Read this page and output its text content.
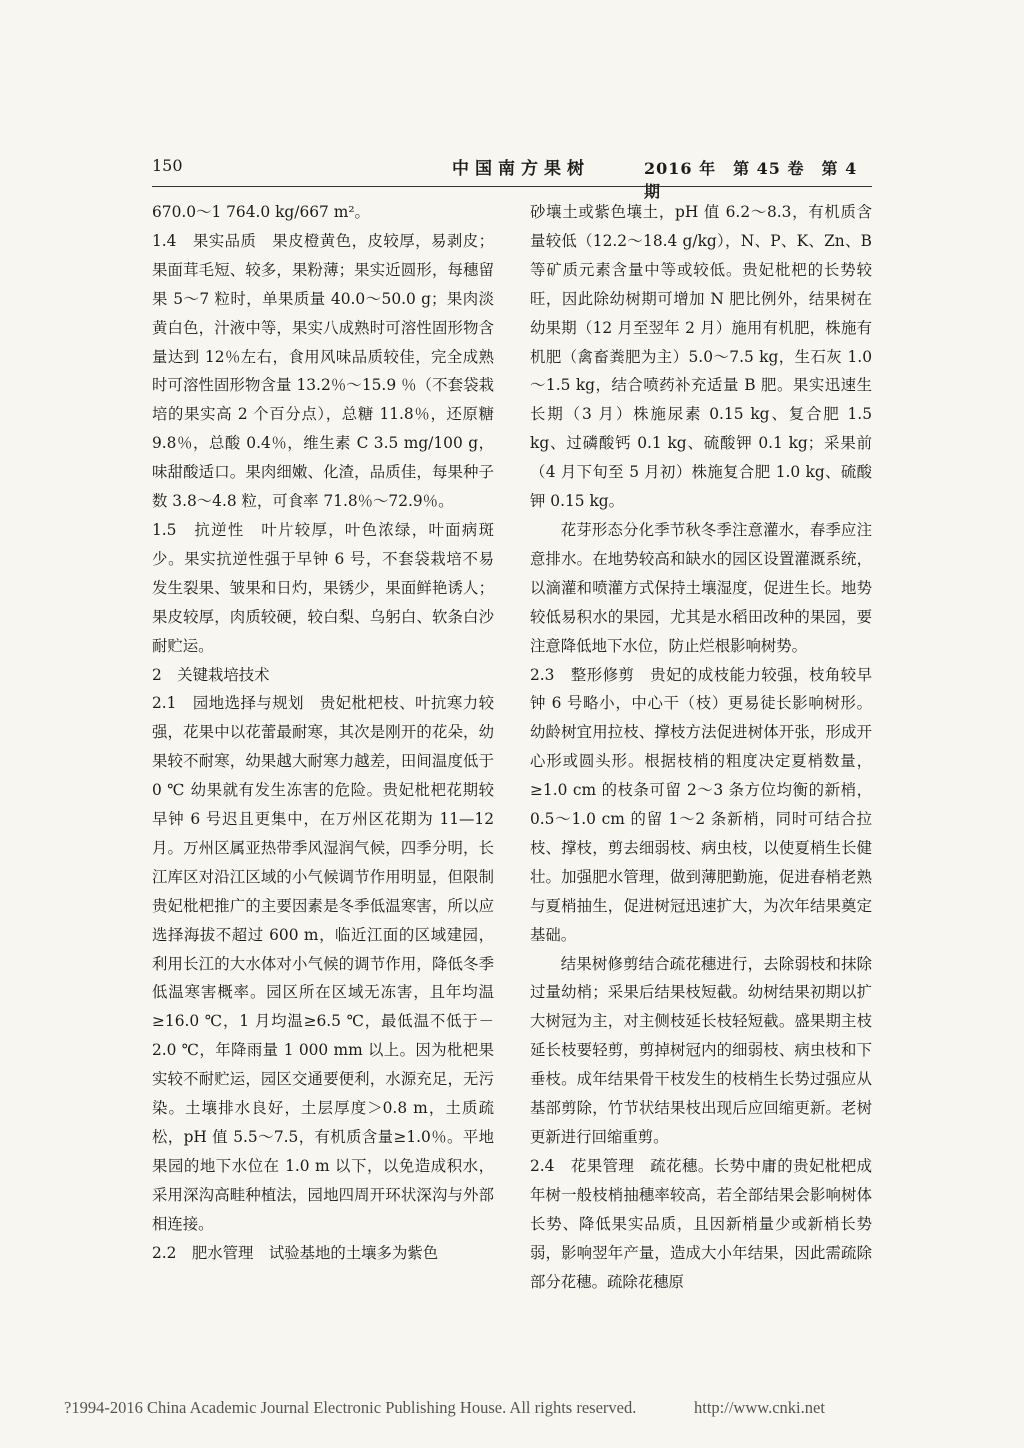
150	中国南方果树	2016 年　第 45 卷　第 4 期

670.0～1 764.0 kg/667 m²。

1.4　果实品质　果皮橙黄色，皮较厚，易剥皮；果面茸毛短、较多，果粉薄；果实近圆形，每穗留果 5～7 粒时，单果质量 40.0～50.0 g；果肉淡黄白色，汁液中等，果实八成熟时可溶性固形物含量达到 12％左右，食用风味品质较佳，完全成熟时可溶性固形物含量 13.2％～15.9 ％（不套袋栽培的果实高 2 个百分点），总糖 11.8％，还原糖 9.8％，总酸 0.4％，维生素 C 3.5 mg/100 g，味甜酸适口。果肉细嫩、化渣，品质佳，每果种子数 3.8～4.8 粒，可食率 71.8％～72.9％。

1.5　抗逆性　叶片较厚，叶色浓绿，叶面病斑少。果实抗逆性强于早钟 6 号，不套袋栽培不易发生裂果、皱果和日灼，果锈少，果面鲜艳诱人；果皮较厚，肉质较硬，较白梨、乌躬白、软条白沙耐贮运。

2　关键栽培技术

2.1　园地选择与规划　贵妃枇杷枝、叶抗寒力较强，花果中以花蕾最耐寒，其次是刚开的花朵，幼果较不耐寒，幼果越大耐寒力越差，田间温度低于 0 ℃ 幼果就有发生冻害的危险。贵妃枇杷花期较早钟 6 号迟且更集中，在万州区花期为 11—12 月。万州区属亚热带季风湿润气候，四季分明，长江库区对沿江区域的小气候调节作用明显，但限制贵妃枇杷推广的主要因素是冬季低温寒害，所以应选择海拔不超过 600 m，临近江面的区域建园，利用长江的大水体对小气候的调节作用，降低冬季低温寒害概率。园区所在区域无冻害，且年均温≥16.0 ℃，1 月均温≥6.5 ℃，最低温不低于－2.0 ℃，年降雨量 1 000 mm 以上。因为枇杷果实较不耐贮运，园区交通要便利，水源充足，无污染。土壤排水良好，土层厚度＞0.8 m，土质疏松，pH 值 5.5～7.5，有机质含量≥1.0％。平地果园的地下水位在 1.0 m 以下，以免造成积水，采用深沟高畦种植法，园地四周开环状深沟与外部相连接。

2.2　肥水管理　试验基地的土壤多为紫色

砂壤土或紫色壤土，pH 值 6.2～8.3，有机质含量较低（12.2～18.4 g/kg），N、P、K、Zn、B 等矿质元素含量中等或较低。贵妃枇杷的长势较旺，因此除幼树期可增加 N 肥比例外，结果树在幼果期（12 月至翌年 2 月）施用有机肥，株施有机肥（禽畜粪肥为主）5.0～7.5 kg，生石灰 1.0～1.5 kg，结合喷药补充适量 B 肥。果实迅速生长期（3 月）株施尿素 0.15 kg、复合肥 1.5 kg、过磷酸钙 0.1 kg、硫酸钾 0.1 kg；采果前（4 月下旬至 5 月初）株施复合肥 1.0 kg、硫酸钾 0.15 kg。

花芽形态分化季节秋冬季注意灌水，春季应注意排水。在地势较高和缺水的园区设置灌溉系统，以滴灌和喷灌方式保持土壤湿度，促进生长。地势较低易积水的果园，尤其是水稻田改种的果园，要注意降低地下水位，防止烂根影响树势。

2.3　整形修剪　贵妃的成枝能力较强，枝角较早钟 6 号略小，中心干（枝）更易徒长影响树形。幼龄树宜用拉枝、撑枝方法促进树体开张，形成开心形或圆头形。根据枝梢的粗度决定夏梢数量，≥1.0 cm 的枝条可留 2～3 条方位均衡的新梢，0.5～1.0 cm 的留 1～2 条新梢，同时可结合拉枝、撑枝，剪去细弱枝、病虫枝，以使夏梢生长健壮。加强肥水管理，做到薄肥勤施，促进春梢老熟与夏梢抽生，促进树冠迅速扩大，为次年结果奠定基础。

结果树修剪结合疏花穗进行，去除弱枝和抹除过量幼梢；采果后结果枝短截。幼树结果初期以扩大树冠为主，对主侧枝延长枝轻短截。盛果期主枝延长枝要轻剪，剪掉树冠内的细弱枝、病虫枝和下垂枝。成年结果骨干枝发生的枝梢生长势过强应从基部剪除，竹节状结果枝出现后应回缩更新。老树更新进行回缩重剪。

2.4　花果管理　疏花穗。长势中庸的贵妃枇杷成年树一般枝梢抽穗率较高，若全部结果会影响树体长势、降低果实品质，且因新梢量少或新梢长势弱，影响翌年产量，造成大小年结果，因此需疏除部分花穗。疏除花穗原

?1994-2016 China Academic Journal Electronic Publishing House. All rights reserved.	http://www.cnki.net
